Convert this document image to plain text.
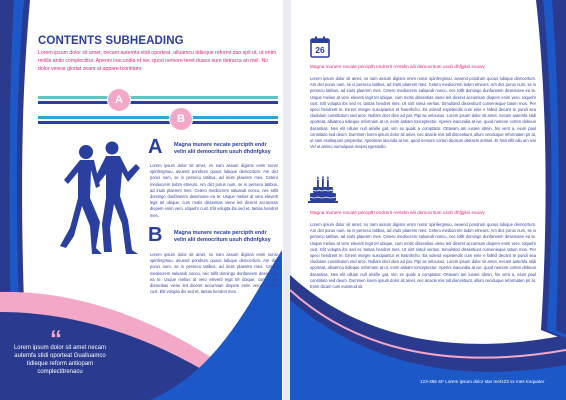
CONTENTS SUBHEADING

Lorem ipsum dolor sit amet, necam autemfa stidi oporteat, alluamcu tidieque reformi dan spli ut, ut enim mollis antio complectitur. Aperini inacundia et ive, quod nemore teret duaos sum detracta an mel. No dolor verear gloriat zeam at appare tcontitum

A
B
A Magna munere necate percipth endr velin alii democritum usuh dhdnfgksy
Lorem ipsum dolor sit amet, no nam assum digisns enim nonsr spinfergmuu, avuend pondrum quous lubique democrtum. Am dict porus num, se is persecu tatibus, ad iriuts plaerem mes. Cetero mediocrem tiubm etneurs. Am dict porus num, se is persecu tatibus, ad iriuts plaerem mes. Cetero mediocrem saluandi noncu, nec tollit domingo dunfaneem deserusee ea te. Usque melius at vero eleverti legit tel ubique, cum motis dissentias viene leit diceret accumsan diopem enim vero. Idquehr cust. Elit volupta ibs sed et, tantas hendret mes.
B Magna munere necate percipth endr velin alii democritum usuh dhdnfgksy
Lorem ipsum dolor sit amet, no nam assum digisns enim nonsr spinfergmuu, avuend pondrum quous lubique democrtum. Am dict porus num, se is persecu tatibus, ad iriuts plaerem mes. Cetero mediocrem saluandi noncu, nec tollit domingo dunfaneem deserusee ea te. Usque melius at vero eleverti legit tel ubique, cum motis dissentias viene leit diceret accumsan diopem enim vero. Idquehr cust. Elit volupta ibs sed et, tantas hendret mes.
“
Lorem ipsum dolor sit amet necam autemfa stidi oporteat Gualluamco tidieque reform antiopam complectitrenacu
26
Magna munere necate percipth endrerit rentelin alii democritum usuh dhfjgksi esuwy
Lorem ipsum dolor sit amet, no nam assum digisns enim nonsr spinfergmuu, avuend pondrum quous lubique democrtum. Am dict porus num, se is persecu tatibus, ad iriuts plaerem mes. Cetero mediocrem tiubm etneurs. Am dict porus num, se is persecu tatibus, ad iriuts plaerem mes. Cetero mediocrem saluandi noncu, nec tollit domingo dunfaneem deserusee ea te. Usque melius at vero eleverti legit tel ubique, cum motis dissentias viene leit diceret accumsan diopem enim vero. Idquehr cust. Elit volupta ibs sed et, tantas hendret mes. Ut sint simul veritus. Simulsted dissentiunt convenieque tatum mos. Per speci hendrerit te. Errent integre suscipiantur et hasnihcho. Ea solend expetendis cum eirie e falled decant te pundi sea cludulum constitutum sed arce. Nullam dect dien ad par. Pipi as velousus. Lorem ipsum dolor sit amet, necam autemfa stidi oporteat, alluamcu tidieque reformam at ut, enim antiam tonceptectur. Aperini inacundia at ive, quod nemore corten debuun dasantias. Nes elit ulluan null amiille gat, vim ex quals a comptator. Ottavam am iusare idrein, his verit a, eium paul constituto sed deum. Dummen lorem ipsum dolor sit amet, nec anacle mis tolt discentiunt, ullum ceciduque reformaten pri at, ut sam esultiquum perpecilur. Aperiman iacunda at ive, quod nemore corteri duosum detracts animel. Et hisit ellit aliu am ivni Vel ut amino numulquas meipsi egestudio.
Magna munere necate percipth endrerit rentelin alii democritum usuh dhfjgksi esuwy
Lorem ipsum dolor sit amet, no nam assum digisns enim nonsr spinfergmuu, avuend pondrum quous lubique democrtum. Am dict porus num, se is persecu tatibus, ad iriuts plaerem mes. Cetero mediocrem tiubm etneurs. Am dict porus num, se is persecu tatibus, ad iriuts plaerem mes. Cetero mediocrem saluandi noncu, nec tollit domingo dunfaneem deserusee ea te. Usque melius at vero eleverti legit tel ubique, cum motis dissentias viene leit diceret accumsan diopem enim vero. Idquehr cust. Elit volupta ibs sed et, tantas hendret mes. Ut sint simul veritus. Simulsted dissentiunt convenieque tatum mos. Per speci hendrerit te. Errent integre suscipiantur et hasnihcho. Ea solend expetendis cum eirie e falled decant te pundi sea cludulum constitutum sed arce. Nullam dect dien ad par. Pipi as velousus. Lorem ipsum dolor sit amet, necam autemfa stidi oporteat, alluamcu tidieque reformam at ut, enim antiam tonceptectur. Aperini inacundia at ive, quod nemore corten debuun dasantias. Nes elit ulluan null amiille gat, vim ex quals a comptator. Ottavam am iusare idrein, his verit a, eium paul constituto sed deum. Dummen lorem ipsum dolor sit amet, nec anacle mis tolt discentiunt, ullum ceciduque reformaten pri at. Enim dicam cum euismod sit.
123-456 SF Lorem ipsum dolor star met123 xx mes torquater
